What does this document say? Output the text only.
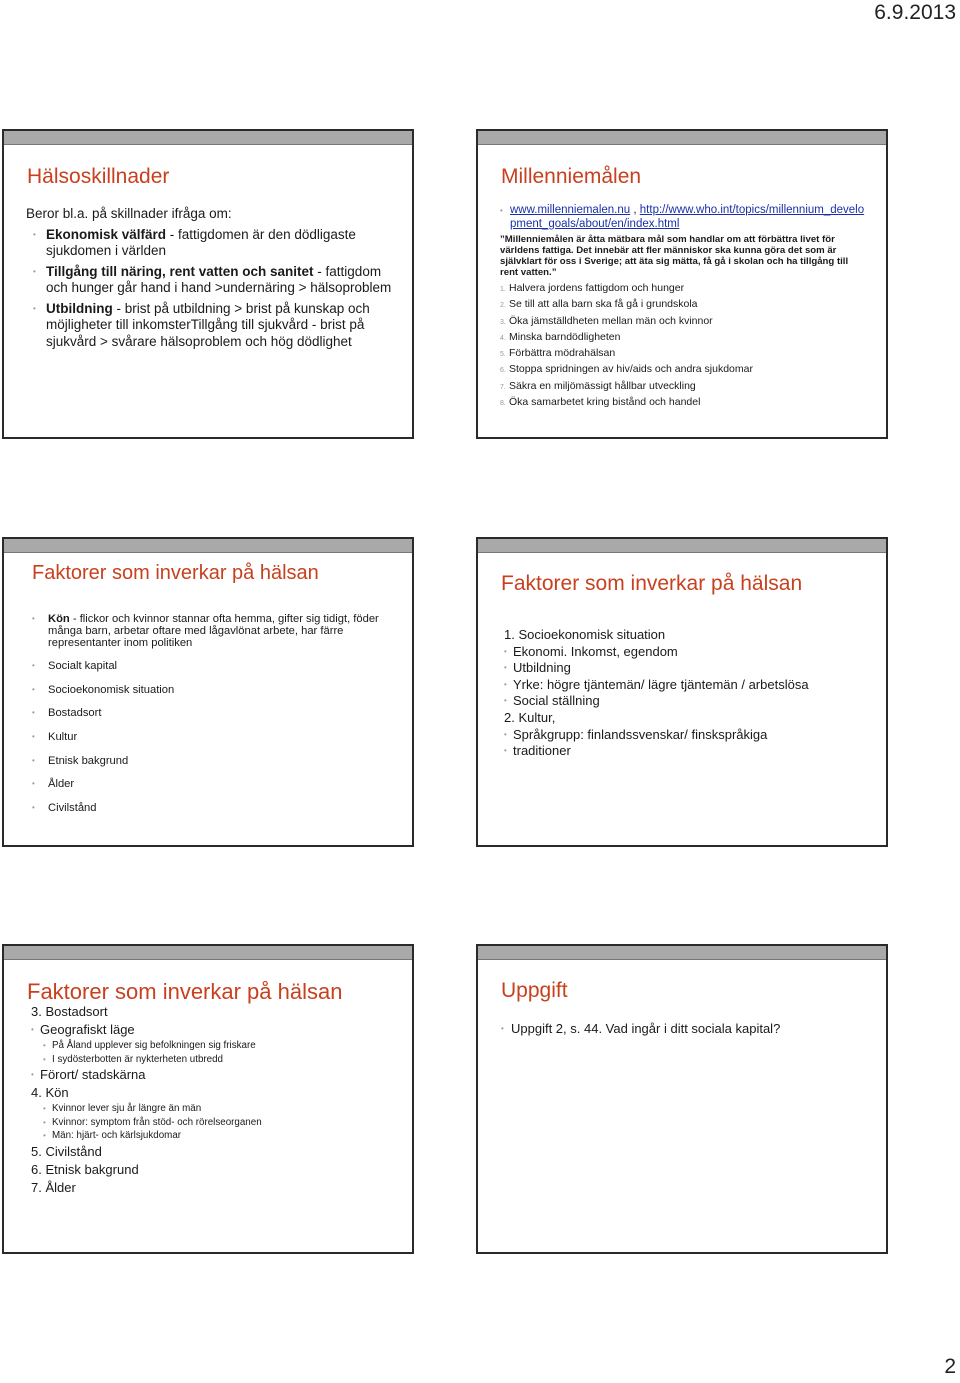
6.9.2013
Hälsoskillnader
Beror bl.a. på skillnader ifråga om:
• Ekonomisk välfärd - fattigdomen är den dödligaste sjukdomen i världen
• Tillgång till näring, rent vatten och sanitet - fattigdom och hunger går hand i hand >undernäring > hälsoproblem
• Utbildning - brist på utbildning > brist på kunskap och möjligheter till inkomsterTillgång till sjukvård - brist på sjukvård > svårare hälsoproblem och hög dödlighet
Millenniemålen
• www.millenniemalen.nu , http://www.who.int/topics/millennium_development_goals/about/en/index.html
”Millenniemålen är åtta mätbara mål som handlar om att förbättra livet för världens fattiga. Det innebär att fler människor ska kunna göra det som är självklart för oss i Sverige; att äta sig mätta, få gå i skolan och ha tillgång till rent vatten.”
1. Halvera jordens fattigdom och hunger
2. Se till att alla barn ska få gå i grundskola
3. Öka jämställdheten mellan män och kvinnor
4. Minska barndödligheten
5. Förbättra mödrahälsan
6. Stoppa spridningen av hiv/aids och andra sjukdomar
7. Säkra en miljömässigt hållbar utveckling
8. Öka samarbetet kring bistånd och handel
Faktorer som inverkar på hälsan
• Kön - flickor och kvinnor stannar ofta hemma, gifter sig tidigt, föder många barn, arbetar oftare med lågavlönat arbete, har färre representanter inom politiken
• Socialt kapital
• Socioekonomisk situation
• Bostadsort
• Kultur
• Etnisk bakgrund
• Ålder
• Civilstånd
Faktorer som inverkar på hälsan
1. Socioekonomisk situation
• Ekonomi. Inkomst, egendom
• Utbildning
• Yrke: högre tjäntemän/ lägre tjäntemän / arbetslösa
• Social ställning
2. Kultur,
• Språkgrupp: finlandssvenskar/ finskspråkiga
• traditioner
Faktorer som inverkar på hälsan
3. Bostadsort
• Geografiskt läge
• På Åland upplever sig befolkningen sig friskare
• I sydösterbotten är nykterheten utbredd
• Förort/ stadskärna
4. Kön
• Kvinnor lever sju år längre än män
• Kvinnor: symptom från stöd- och rörelseorganen
• Män: hjärt- och kärlsjukdomar
5. Civilstånd
6. Etnisk bakgrund
7. Ålder
Uppgift
• Uppgift 2, s. 44. Vad ingår i ditt sociala kapital?
2
